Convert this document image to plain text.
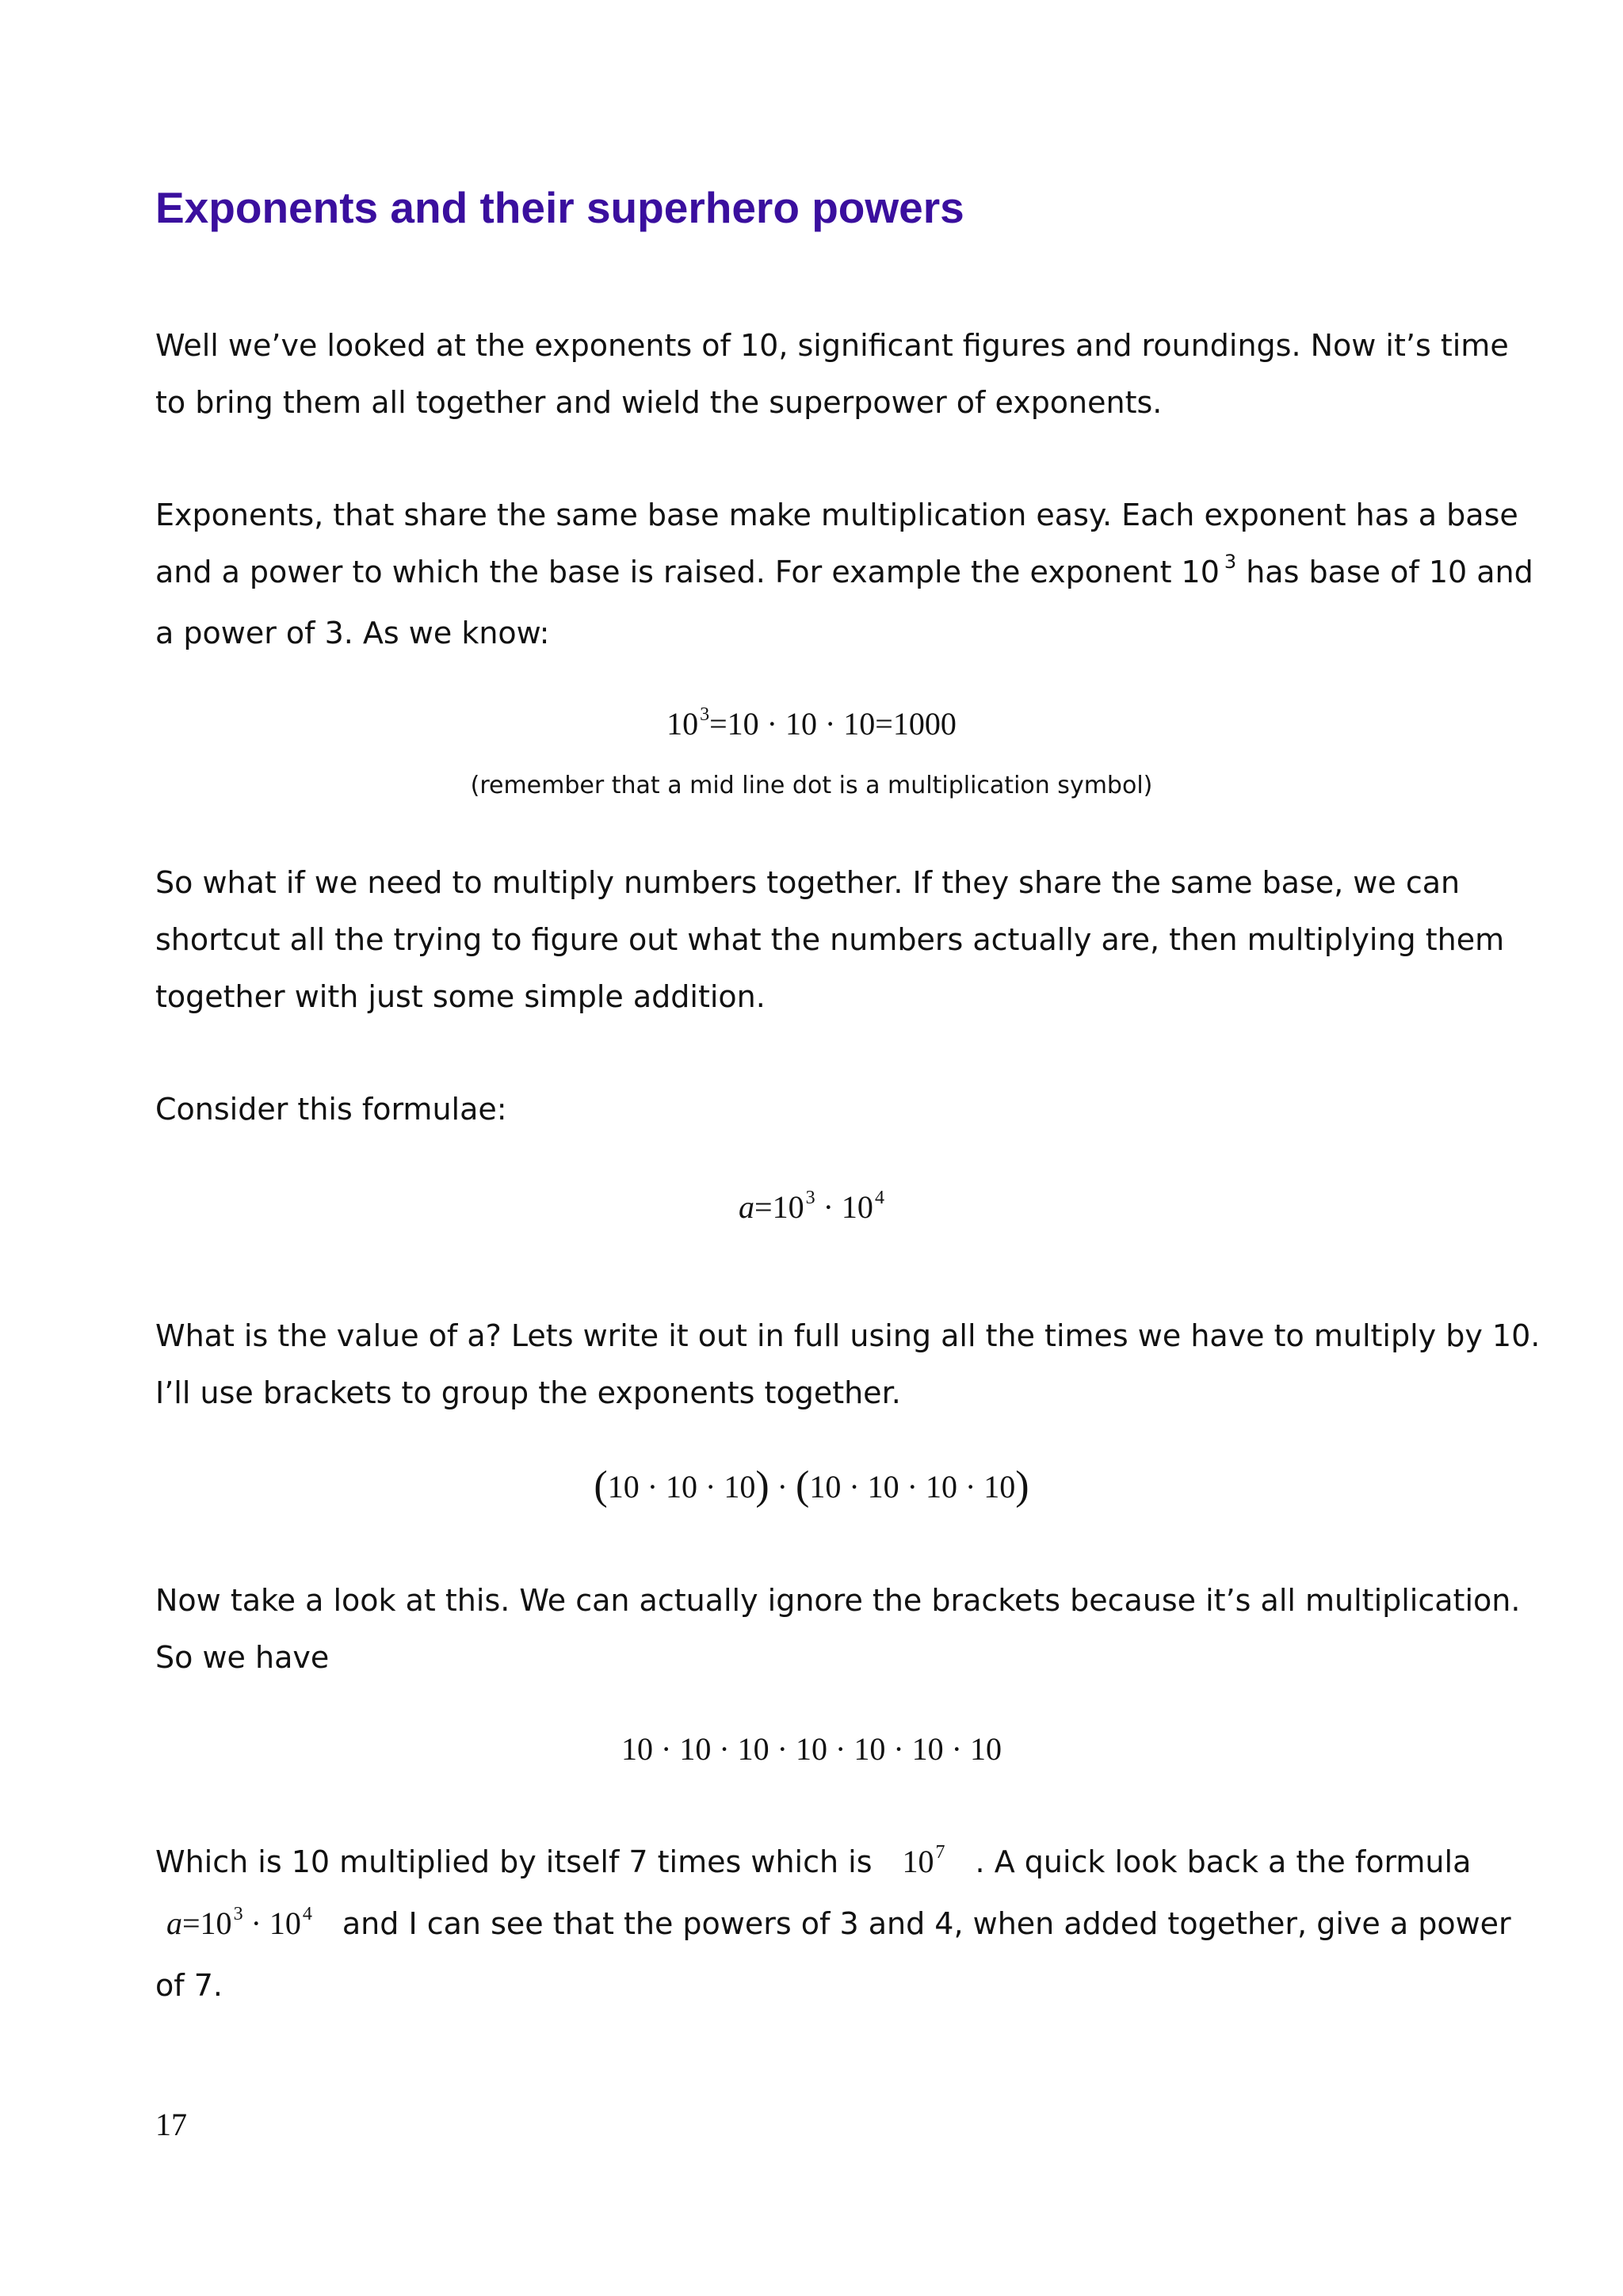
Exponents and their superhero powers

Well we’ve looked at the exponents of 10, significant figures and roundings. Now it’s time
to bring them all together and wield the superpower of exponents.

Exponents, that share the same base make multiplication easy. Each exponent has a base
and a power to which the base is raised. For example the exponent 10 $^3$ has base of 10 and
a power of 3. As we know:

$10^3=10 \cdot 10 \cdot 10=1000$
(remember that a mid line dot is a multiplication symbol)

So what if we need to multiply numbers together. If they share the same base, we can
shortcut all the trying to figure out what the numbers actually are, then multiplying them
together with just some simple addition.

Consider this formulae:

$a=10^3 \cdot 10^4$

What is the value of a? Lets write it out in full using all the times we have to multiply by 10.
I’ll use brackets to group the exponents together.

(10 · 10 · 10) · (10 · 10 · 10 · 10)

Now take a look at this. We can actually ignore the brackets because it’s all multiplication.
So we have

10 · 10 · 10 · 10 · 10 · 10 · 10

Which is 10 multiplied by itself 7 times which is $10^7$ . A quick look back a the formula
$a=10^3 \cdot 10^4$ and I can see that the powers of 3 and 4, when added together, give a power
of 7.

17
